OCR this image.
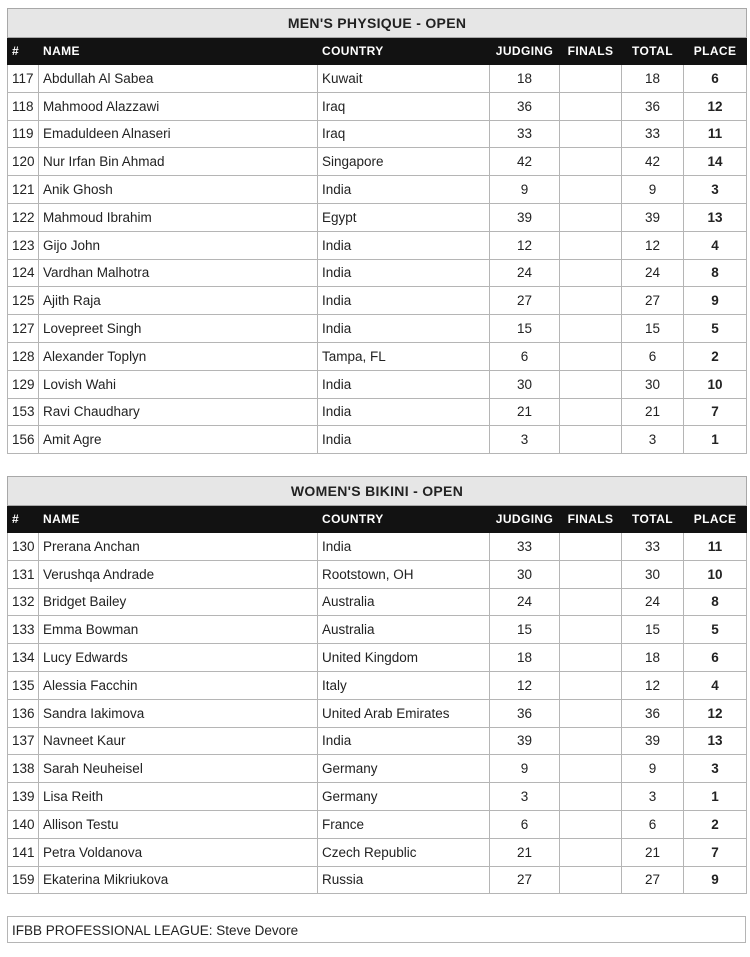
MEN'S PHYSIQUE - OPEN						
#	NAME	COUNTRY	JUDGING	FINALS	TOTAL	PLACE
117	Abdullah Al Sabea	Kuwait	18		18	6
118	Mahmood Alazzawi	Iraq	36		36	12
119	Emaduldeen Alnaseri	Iraq	33		33	11
120	Nur Irfan Bin Ahmad	Singapore	42		42	14
121	Anik Ghosh	India	9		9	3
122	Mahmoud Ibrahim	Egypt	39		39	13
123	Gijo John	India	12		12	4
124	Vardhan Malhotra	India	24		24	8
125	Ajith Raja	India	27		27	9
127	Lovepreet Singh	India	15		15	5
128	Alexander Toplyn	Tampa, FL	6		6	2
129	Lovish Wahi	India	30		30	10
153	Ravi Chaudhary	India	21		21	7
156	Amit Agre	India	3		3	1
WOMEN'S BIKINI - OPEN						
#	NAME	COUNTRY	JUDGING	FINALS	TOTAL	PLACE
130	Prerana Anchan	India	33		33	11
131	Verushqa Andrade	Rootstown, OH	30		30	10
132	Bridget Bailey	Australia	24		24	8
133	Emma Bowman	Australia	15		15	5
134	Lucy Edwards	United Kingdom	18		18	6
135	Alessia Facchin	Italy	12		12	4
136	Sandra Iakimova	United Arab Emirates	36		36	12
137	Navneet Kaur	India	39		39	13
138	Sarah Neuheisel	Germany	9		9	3
139	Lisa Reith	Germany	3		3	1
140	Allison Testu	France	6		6	2
141	Petra Voldanova	Czech Republic	21		21	7
159	Ekaterina Mikriukova	Russia	27		27	9
IFBB PROFESSIONAL LEAGUE: Steve Devore
